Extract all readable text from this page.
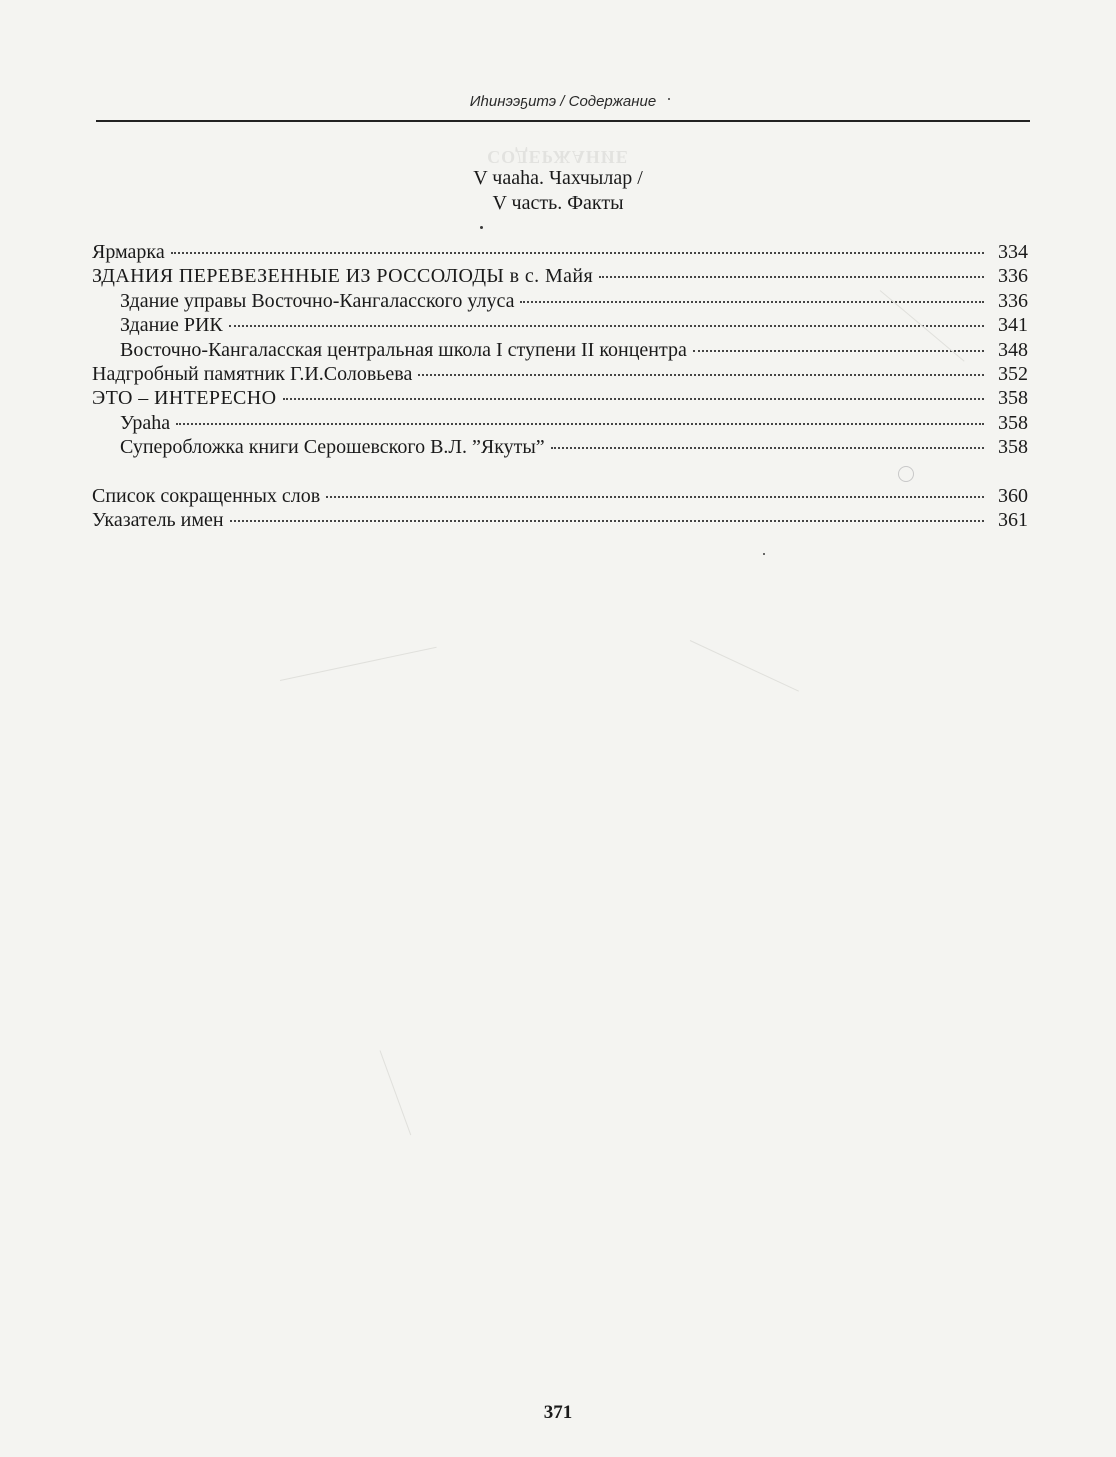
Иһинээҕитэ / Содержание
СОДЕРЖАНИЕ
V чааһа. Чахчылар /
V часть. Факты
Ярмарка	334
ЗДАНИЯ ПЕРЕВЕЗЕННЫЕ ИЗ РОССОЛОДЫ в с. Майя	336
Здание управы Восточно-Кангаласского улуса	336
Здание РИК	341
Восточно-Кангаласская центральная школа I ступени II концентра	348
Надгробный памятник Г.И.Соловьева	352
ЭТО – ИНТЕРЕСНО	358
Ураһа	358
Суперобложка книги Серошевского В.Л. ”Якуты”	358
Список сокращенных слов	360
Указатель имен	361
371
